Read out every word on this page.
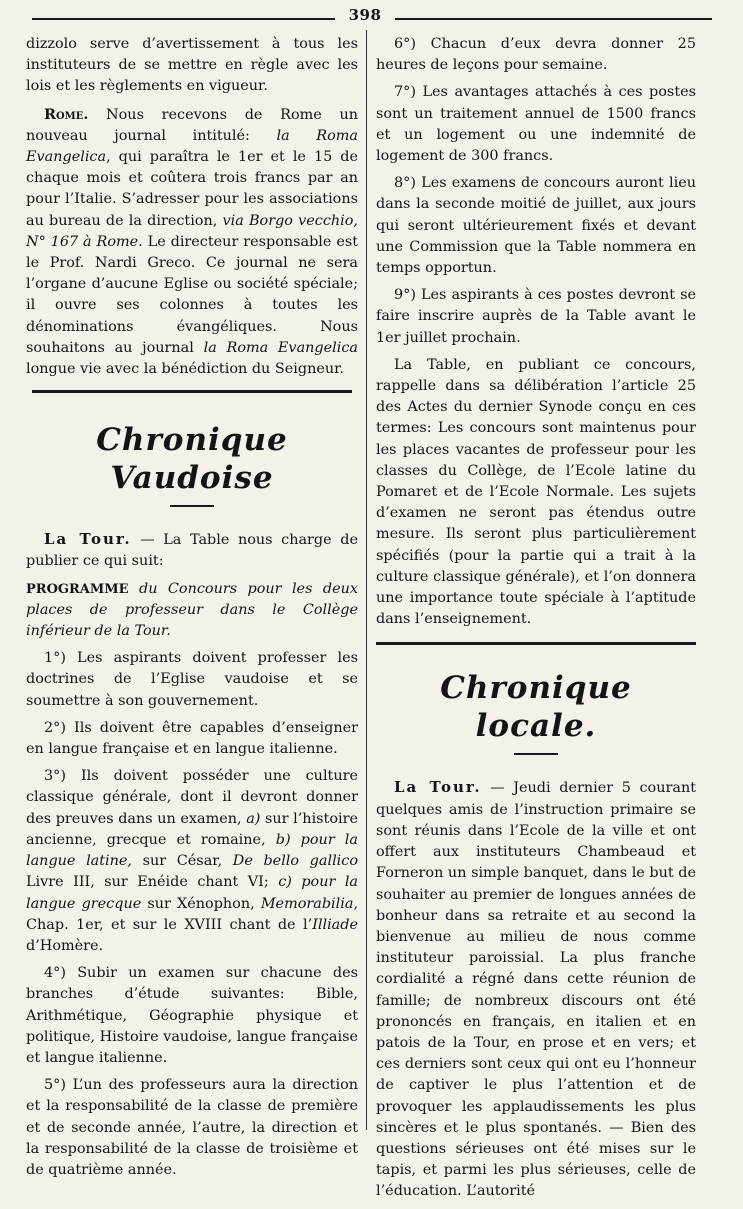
398

dizzolo serve d’avertissement à tous les instituteurs de se mettre en règle avec les lois et les règlements en vigueur.

Rome. Nous recevons de Rome un nouveau journal intitulé: la Roma Evangelica, qui paraîtra le 1er et le 15 de chaque mois et coûtera trois francs par an pour l’Italie. S’adresser pour les associations au bureau de la direction, via Borgo vecchio, N° 167 à Rome. Le directeur responsable est le Prof. Nardi Greco. Ce journal ne sera l’organe d’aucune Eglise ou société spéciale; il ouvre ses colonnes à toutes les dénominations évangéliques. Nous souhaitons au journal la Roma Evangelica longue vie avec la bénédiction du Seigneur.

Chronique Vaudoise

La Tour. — La Table nous charge de publier ce qui suit:

PROGRAMME du Concours pour les deux places de professeur dans le Collège inférieur de la Tour.

1°) Les aspirants doivent professer les doctrines de l’Eglise vaudoise et se soumettre à son gouvernement.

2°) Ils doivent être capables d’enseigner en langue française et en langue italienne.

3°) Ils doivent posséder une culture classique générale, dont il devront donner des preuves dans un examen, a) sur l’histoire ancienne, grecque et romaine, b) pour la langue latine, sur César, De bello gallico Livre III, sur Enéide chant VI; c) pour la langue grecque sur Xénophon, Memorabilia, Chap. 1er, et sur le XVIII chant de l’Illiade d’Homère.

4°) Subir un examen sur chacune des branches d’étude suivantes: Bible, Arithmétique, Géographie physique et politique, Histoire vaudoise, langue française et langue italienne.

5°) L’un des professeurs aura la direction et la responsabilité de la classe de première et de seconde année, l’autre, la direction et la responsabilité de la classe de troisième et de quatrième année.

6°) Chacun d’eux devra donner 25 heures de leçons pour semaine.

7°) Les avantages attachés à ces postes sont un traitement annuel de 1500 francs et un logement ou une indemnité de logement de 300 francs.

8°) Les examens de concours auront lieu dans la seconde moitié de juillet, aux jours qui seront ultérieurement fixés et devant une Commission que la Table nommera en temps opportun.

9°) Les aspirants à ces postes devront se faire inscrire auprès de la Table avant le 1er juillet prochain.

La Table, en publiant ce concours, rappelle dans sa délibération l’article 25 des Actes du dernier Synode conçu en ces termes: Les concours sont maintenus pour les places vacantes de professeur pour les classes du Collège, de l’Ecole latine du Pomaret et de l’Ecole Normale. Les sujets d’examen ne seront pas étendus outre mesure. Ils seront plus particulièrement spécifiés (pour la partie qui a trait à la culture classique générale), et l’on donnera une importance toute spéciale à l’aptitude dans l’enseignement.

Chronique locale.

La Tour. — Jeudi dernier 5 courant quelques amis de l’instruction primaire se sont réunis dans l’Ecole de la ville et ont offert aux instituteurs Chambeaud et Forneron un simple banquet, dans le but de souhaiter au premier de longues années de bonheur dans sa retraite et au second la bienvenue au milieu de nous comme instituteur paroissial. La plus franche cordialité a régné dans cette réunion de famille; de nombreux discours ont été prononcés en français, en italien et en patois de la Tour, en prose et en vers; et ces derniers sont ceux qui ont eu l’honneur de captiver le plus l’attention et de provoquer les applaudissements les plus sincères et le plus spontanés. — Bien des questions sérieuses ont été mises sur le tapis, et parmi les plus sérieuses, celle de l’éducation. L’autorité
